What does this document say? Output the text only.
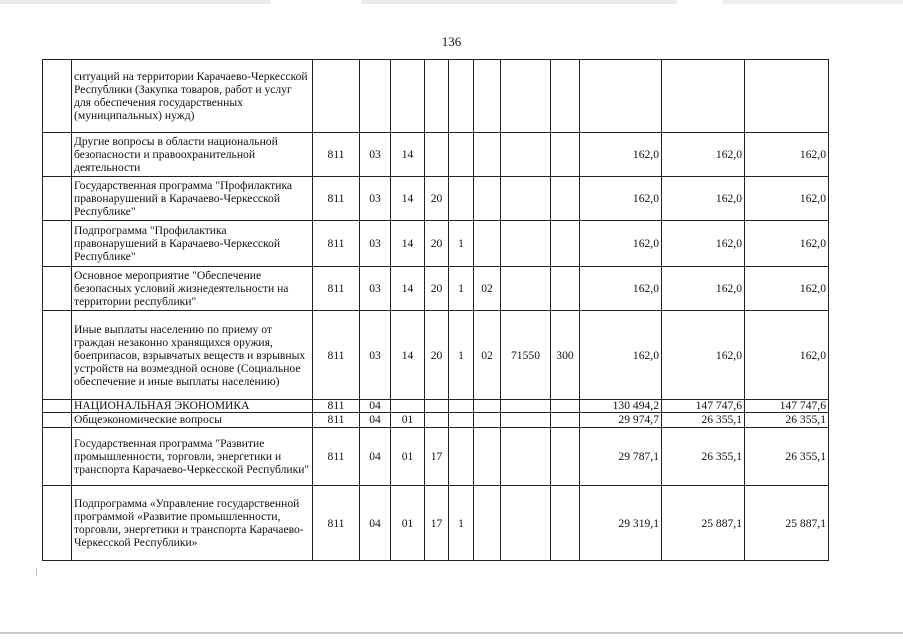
136
	ситуаций на территории Карачаево-Черкесской Республики (Закупка товаров, работ и услуг для обеспечения государственных (муниципальных) нужд)											
	Другие вопросы в области национальной безопасности и правоохранительной деятельности	811	03	14						162,0	162,0	162,0
	Государственная программа "Профилактика правонарушений в Карачаево-Черкесской Республике"	811	03	14	20					162,0	162,0	162,0
	Подпрограмма "Профилактика правонарушений в Карачаево-Черкесской Республике"	811	03	14	20	1				162,0	162,0	162,0
	Основное мероприятие "Обеспечение безопасных условий жизнедеятельности на территории республики"	811	03	14	20	1	02			162,0	162,0	162,0
	Иные выплаты населению по приему от граждан незаконно хранящихся оружия, боеприпасов, взрывчатых веществ и взрывных устройств на возмездной основе (Социальное обеспечение и иные выплаты населению)	811	03	14	20	1	02	71550	300	162,0	162,0	162,0
	НАЦИОНАЛЬНАЯ ЭКОНОМИКА	811	04							130 494,2	147 747,6	147 747,6
	Общеэкономические вопросы	811	04	01						29 974,7	26 355,1	26 355,1
	Государственная программа "Развитие промышленности, торговли, энергетики и транспорта Карачаево-Черкесской Республики"	811	04	01	17					29 787,1	26 355,1	26 355,1
	Подпрограмма «Управление государственной программой «Развитие промышленности, торговли, энергетики и транспорта Карачаево-Черкесской Республики»	811	04	01	17	1				29 319,1	25 887,1	25 887,1
